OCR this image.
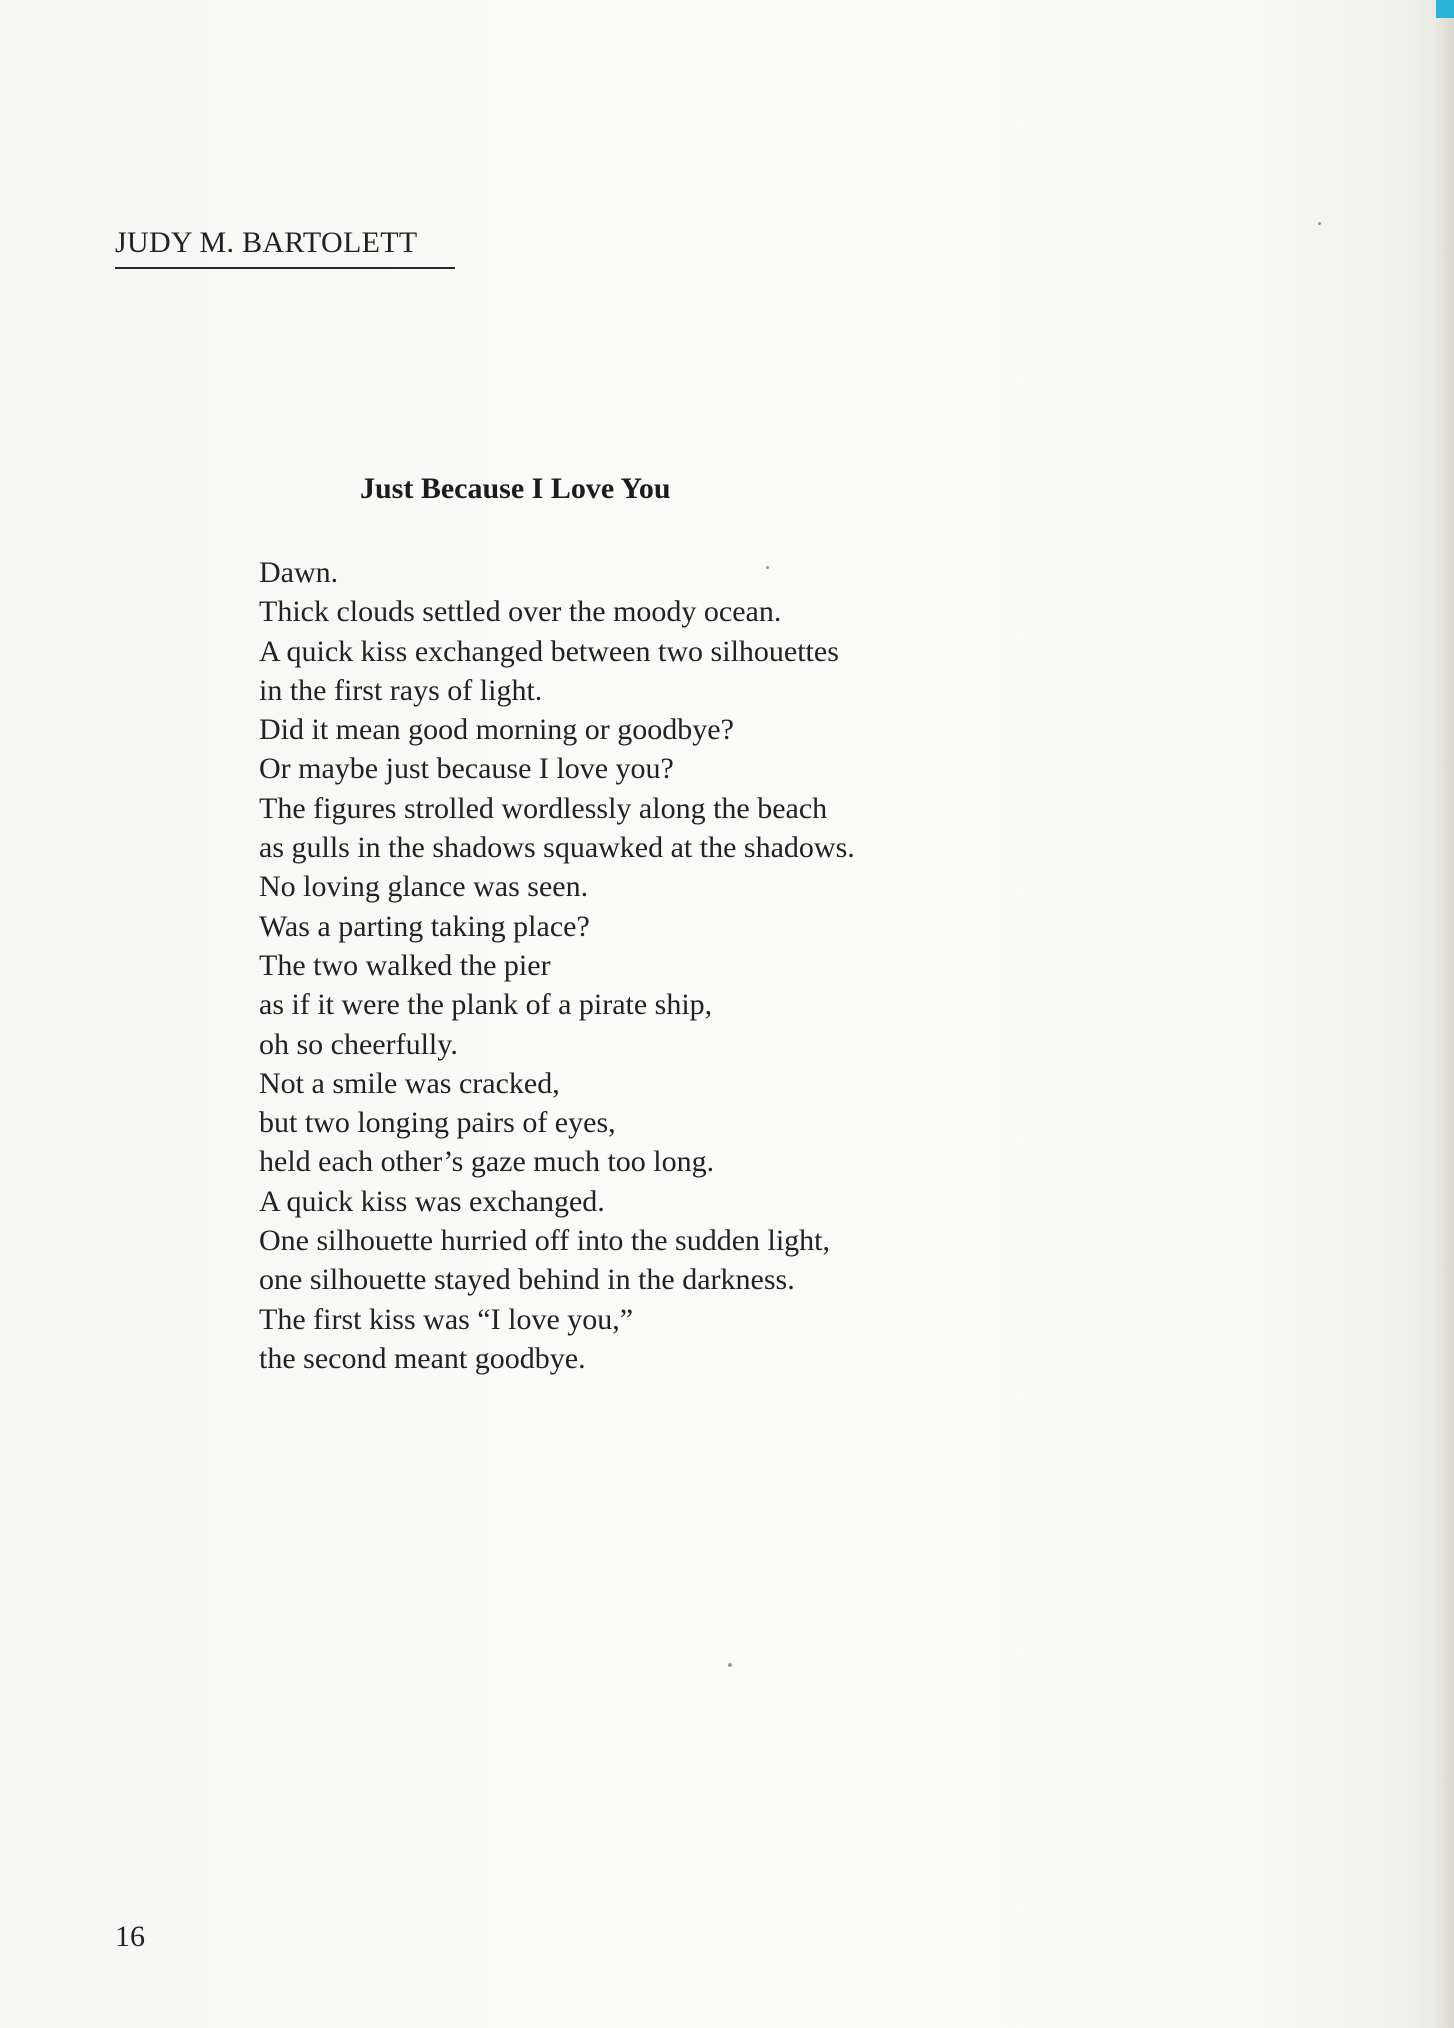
JUDY M. BARTOLETT
Just Because I Love You
Dawn.
Thick clouds settled over the moody ocean.
A quick kiss exchanged between two silhouettes
in the first rays of light.
Did it mean good morning or goodbye?
Or maybe just because I love you?
The figures strolled wordlessly along the beach
as gulls in the shadows squawked at the shadows.
No loving glance was seen.
Was a parting taking place?
The two walked the pier
as if it were the plank of a pirate ship,
oh so cheerfully.
Not a smile was cracked,
but two longing pairs of eyes,
held each other’s gaze much too long.
A quick kiss was exchanged.
One silhouette hurried off into the sudden light,
one silhouette stayed behind in the darkness.
The first kiss was “I love you,”
the second meant goodbye.
16
